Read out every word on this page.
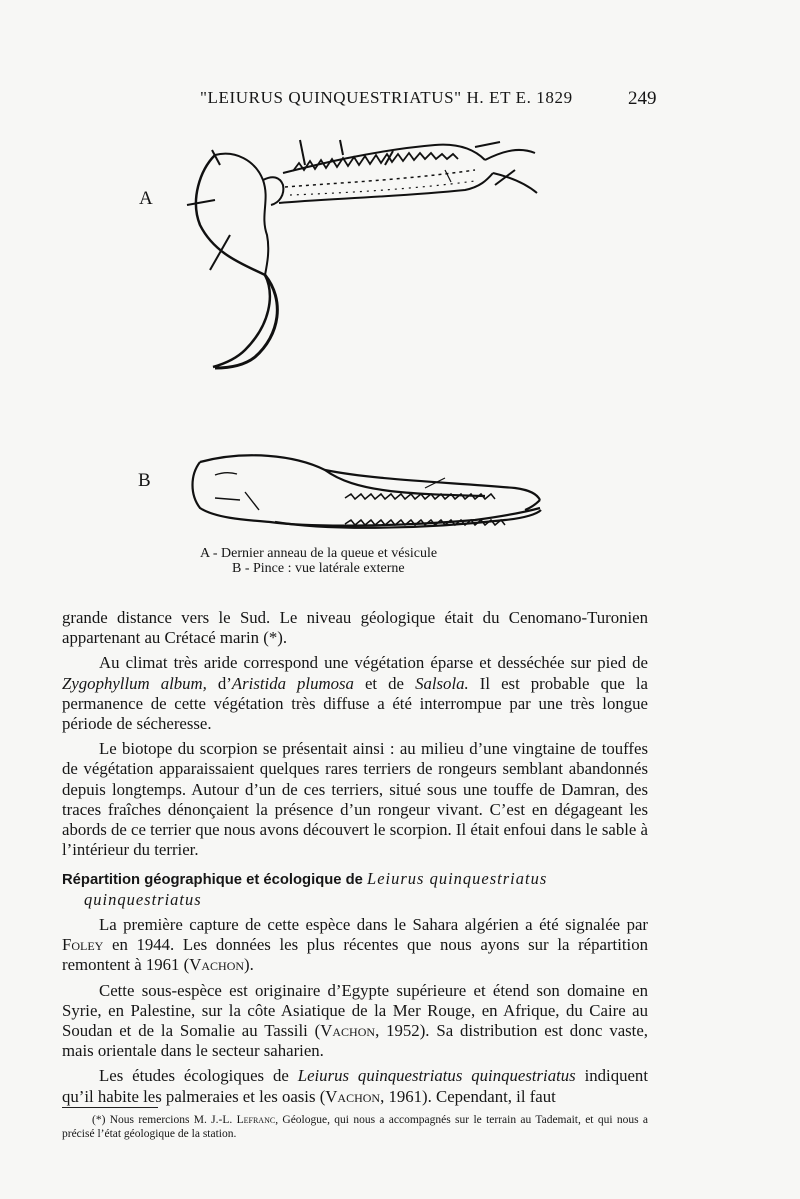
"LEIURUS QUINQUESTRIATUS" H. ET E. 1829	249
A
B
A - Dernier anneau de la queue et vésicule
B - Pince : vue latérale externe

grande distance vers le Sud. Le niveau géologique était du Cenomano-Turonien appartenant au Crétacé marin (*).

Au climat très aride correspond une végétation éparse et desséchée sur pied de Zygophyllum album, d’Aristida plumosa et de Salsola. Il est probable que la permanence de cette végétation très diffuse a été interrompue par une très longue période de sécheresse.

Le biotope du scorpion se présentait ainsi : au milieu d’une vingtaine de touffes de végétation apparaissaient quelques rares terriers de rongeurs semblant abandonnés depuis longtemps. Autour d’un de ces terriers, situé sous une touffe de Damran, des traces fraîches dénonçaient la présence d’un rongeur vivant. C’est en dégageant les abords de ce terrier que nous avons découvert le scorpion. Il était enfoui dans le sable à l’intérieur du terrier.

Répartition géographique et écologique de Leiurus quinquestriatus
quinquestriatus

La première capture de cette espèce dans le Sahara algérien a été signalée par Foley en 1944. Les données les plus récentes que nous ayons sur la répartition remontent à 1961 (Vachon).

Cette sous-espèce est originaire d’Egypte supérieure et étend son domaine en Syrie, en Palestine, sur la côte Asiatique de la Mer Rouge, en Afrique, du Caire au Soudan et de la Somalie au Tassili (Vachon, 1952). Sa distribution est donc vaste, mais orientale dans le secteur saharien.

Les études écologiques de Leiurus quinquestriatus quinquestriatus indiquent qu’il habite les palmeraies et les oasis (Vachon, 1961). Cependant, il faut

(*) Nous remercions M. J.-L. Lefranc, Géologue, qui nous a accompagnés sur le terrain au Tademait, et qui nous a précisé l’état géologique de la station.
